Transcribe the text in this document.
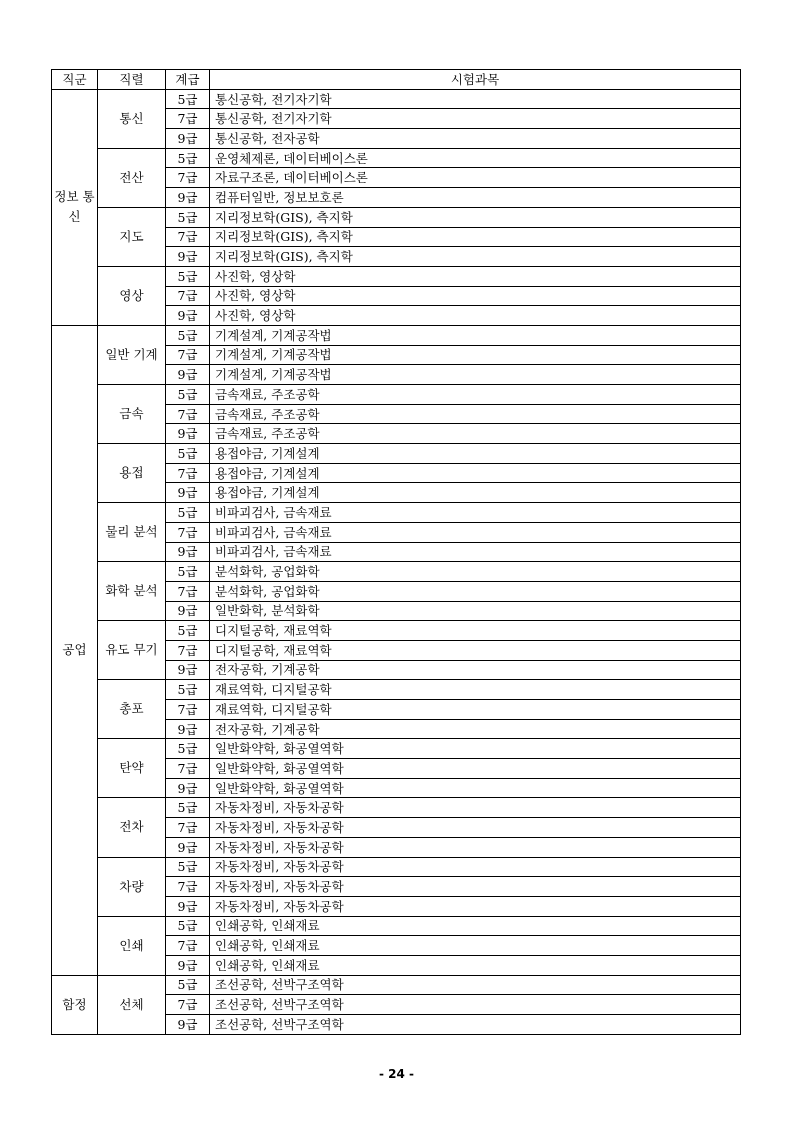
직군	직렬	계급	시험과목
정보 통신	통신	5급	통신공학, 전기자기학
		7급	통신공학, 전기자기학
		9급	통신공학, 전자공학
	전산	5급	운영체제론, 데이터베이스론
		7급	자료구조론, 데이터베이스론
		9급	컴퓨터일반, 정보보호론
	지도	5급	지리정보학(GIS), 측지학
		7급	지리정보학(GIS), 측지학
		9급	지리정보학(GIS), 측지학
	영상	5급	사진학, 영상학
		7급	사진학, 영상학
		9급	사진학, 영상학
공업	일반 기계	5급	기계설계, 기계공작법
		7급	기계설계, 기계공작법
		9급	기계설계, 기계공작법
	금속	5급	금속재료, 주조공학
		7급	금속재료, 주조공학
		9급	금속재료, 주조공학
	용접	5급	용접야금, 기계설계
		7급	용접야금, 기계설계
		9급	용접야금, 기계설계
	물리 분석	5급	비파괴검사, 금속재료
		7급	비파괴검사, 금속재료
		9급	비파괴검사, 금속재료
	화학 분석	5급	분석화학, 공업화학
		7급	분석화학, 공업화학
		9급	일반화학, 분석화학
	유도 무기	5급	디지털공학, 재료역학
		7급	디지털공학, 재료역학
		9급	전자공학, 기계공학
	총포	5급	재료역학, 디지털공학
		7급	재료역학, 디지털공학
		9급	전자공학, 기계공학
	탄약	5급	일반화약학, 화공열역학
		7급	일반화약학, 화공열역학
		9급	일반화약학, 화공열역학
	전차	5급	자동차정비, 자동차공학
		7급	자동차정비, 자동차공학
		9급	자동차정비, 자동차공학
	차량	5급	자동차정비, 자동차공학
		7급	자동차정비, 자동차공학
		9급	자동차정비, 자동차공학
	인쇄	5급	인쇄공학, 인쇄재료
		7급	인쇄공학, 인쇄재료
		9급	인쇄공학, 인쇄재료
함정	선체	5급	조선공학, 선박구조역학
		7급	조선공학, 선박구조역학
		9급	조선공학, 선박구조역학
- 24 -
